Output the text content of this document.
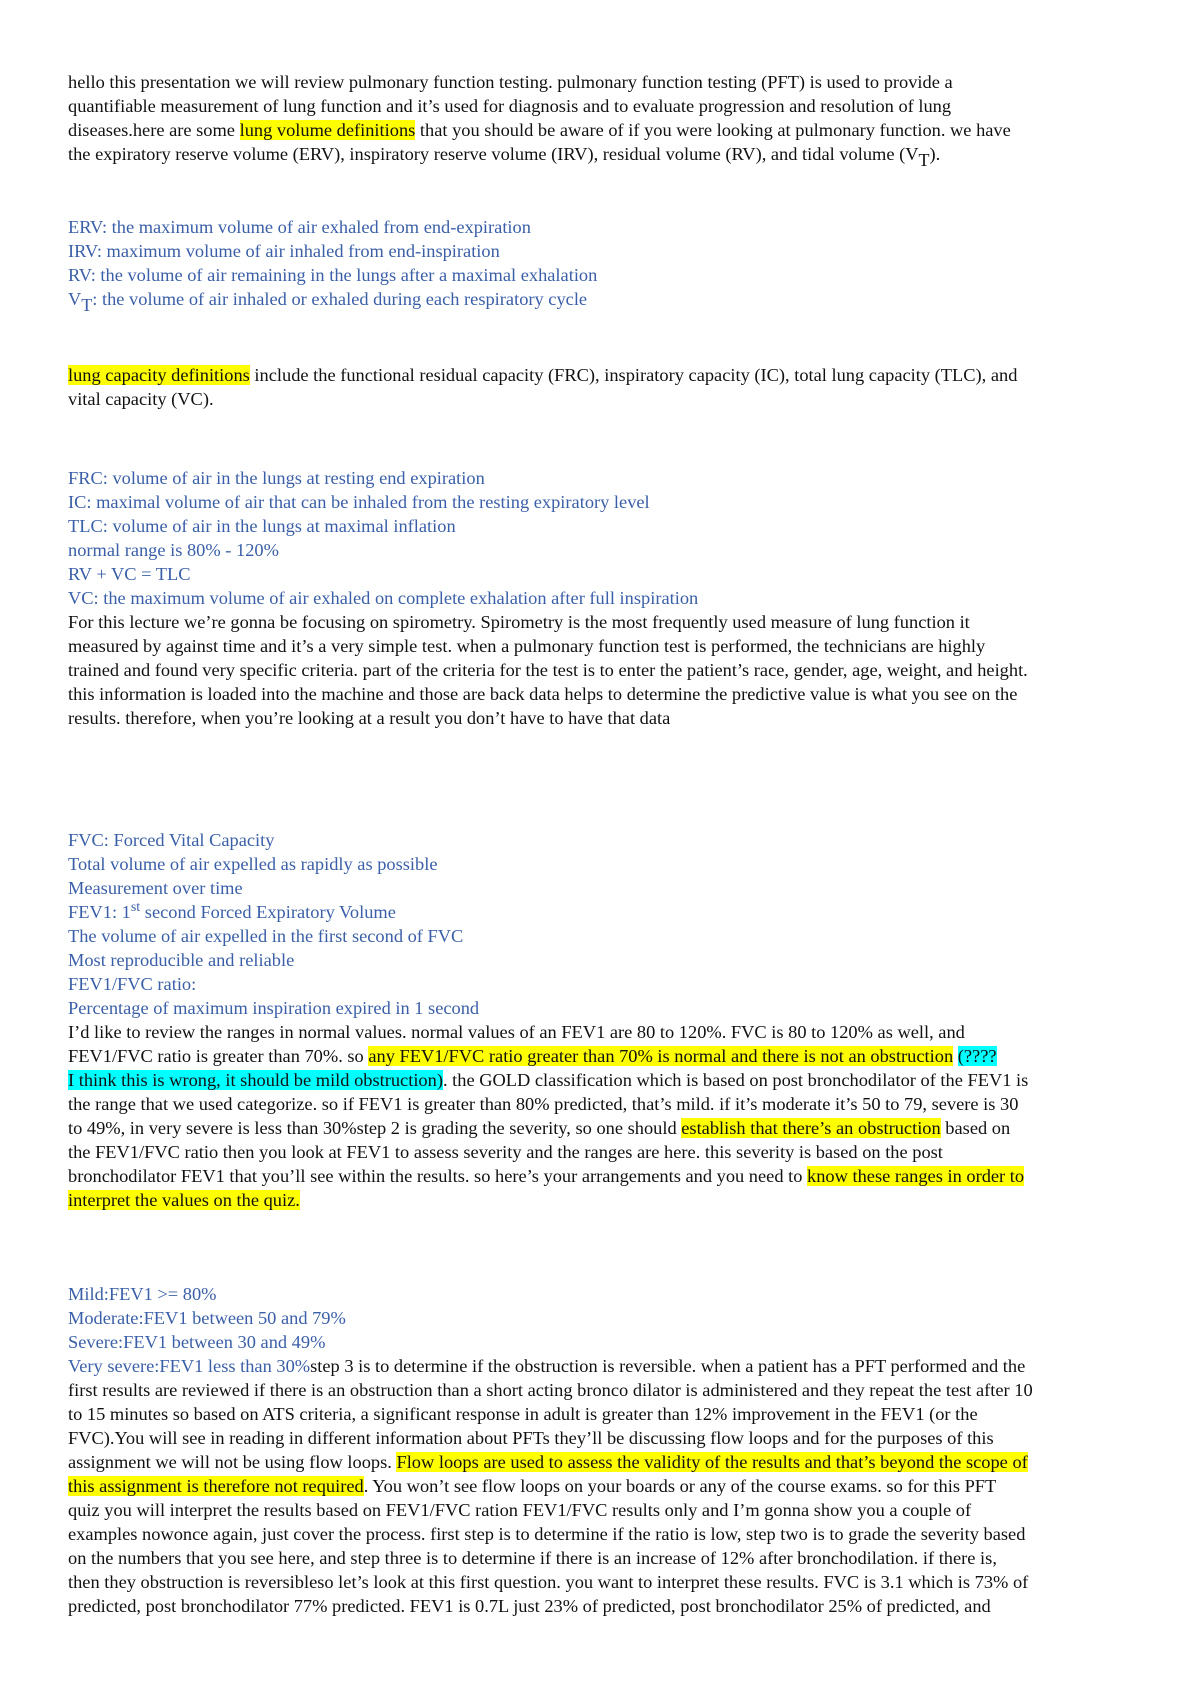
hello this presentation we will review pulmonary function testing. pulmonary function testing (PFT) is used to provide a
quantifiable measurement of lung function and it’s used for diagnosis and to evaluate progression and resolution of lung
diseases.here are some lung volume definitions that you should be aware of if you were looking at pulmonary function. we have
the expiratory reserve volume (ERV), inspiratory reserve volume (IRV), residual volume (RV), and tidal volume $(V_T)$.
ERV: the maximum volume of air exhaled from end-expiration
IRV: maximum volume of air inhaled from end-inspiration
RV: the volume of air remaining in the lungs after a maximal exhalation
$V_T$: the volume of air inhaled or exhaled during each respiratory cycle
lung capacity definitions include the functional residual capacity (FRC), inspiratory capacity (IC), total lung capacity (TLC), and
vital capacity (VC).
FRC: volume of air in the lungs at resting end expiration
IC: maximal volume of air that can be inhaled from the resting expiratory level
TLC: volume of air in the lungs at maximal inflation
normal range is 80% - 120%
RV + VC = TLC
VC: the maximum volume of air exhaled on complete exhalation after full inspiration
For this lecture we’re gonna be focusing on spirometry. Spirometry is the most frequently used measure of lung function it
measured by against time and it’s a very simple test. when a pulmonary function test is performed, the technicians are highly
trained and found very specific criteria. part of the criteria for the test is to enter the patient’s race, gender, age, weight, and height.
this information is loaded into the machine and those are back data helps to determine the predictive value is what you see on the
results. therefore, when you’re looking at a result you don’t have to have that data
FVC: Forced Vital Capacity
Total volume of air expelled as rapidly as possible
Measurement over time
FEV1: 1st second Forced Expiratory Volume
The volume of air expelled in the first second of FVC
Most reproducible and reliable
FEV1/FVC ratio:
Percentage of maximum inspiration expired in 1 second
I’d like to review the ranges in normal values. normal values of an FEV1 are 80 to 120%. FVC is 80 to 120% as well, and
FEV1/FVC ratio is greater than 70%. so any FEV1/FVC ratio greater than 70% is normal and there is not an obstruction (????
I think this is wrong, it should be mild obstruction). the GOLD classification which is based on post bronchodilator of the FEV1 is
the range that we used categorize. so if FEV1 is greater than 80% predicted, that’s mild. if it’s moderate it’s 50 to 79, severe is 30
to 49%, in very severe is less than 30%step 2 is grading the severity, so one should establish that there’s an obstruction based on
the FEV1/FVC ratio then you look at FEV1 to assess severity and the ranges are here. this severity is based on the post
bronchodilator FEV1 that you’ll see within the results. so here’s your arrangements and you need to know these ranges in order to
interpret the values on the quiz.
Mild:FEV1 >= 80%
Moderate:FEV1 between 50 and 79%
Severe:FEV1 between 30 and 49%
Very severe:FEV1 less than 30%step 3 is to determine if the obstruction is reversible. when a patient has a PFT performed and the
first results are reviewed if there is an obstruction than a short acting bronco dilator is administered and they repeat the test after 10
to 15 minutes so based on ATS criteria, a significant response in adult is greater than 12% improvement in the FEV1 (or the
FVC).You will see in reading in different information about PFTs they’ll be discussing flow loops and for the purposes of this
assignment we will not be using flow loops. Flow loops are used to assess the validity of the results and that’s beyond the scope of
this assignment is therefore not required. You won’t see flow loops on your boards or any of the course exams. so for this PFT
quiz you will interpret the results based on FEV1/FVC ration FEV1/FVC results only and I’m gonna show you a couple of
examples nowonce again, just cover the process. first step is to determine if the ratio is low, step two is to grade the severity based
on the numbers that you see here, and step three is to determine if there is an increase of 12% after bronchodilation. if there is,
then they obstruction is reversibleso let’s look at this first question. you want to interpret these results. FVC is 3.1 which is 73% of
predicted, post bronchodilator 77% predicted. FEV1 is 0.7L just 23% of predicted, post bronchodilator 25% of predicted, and
